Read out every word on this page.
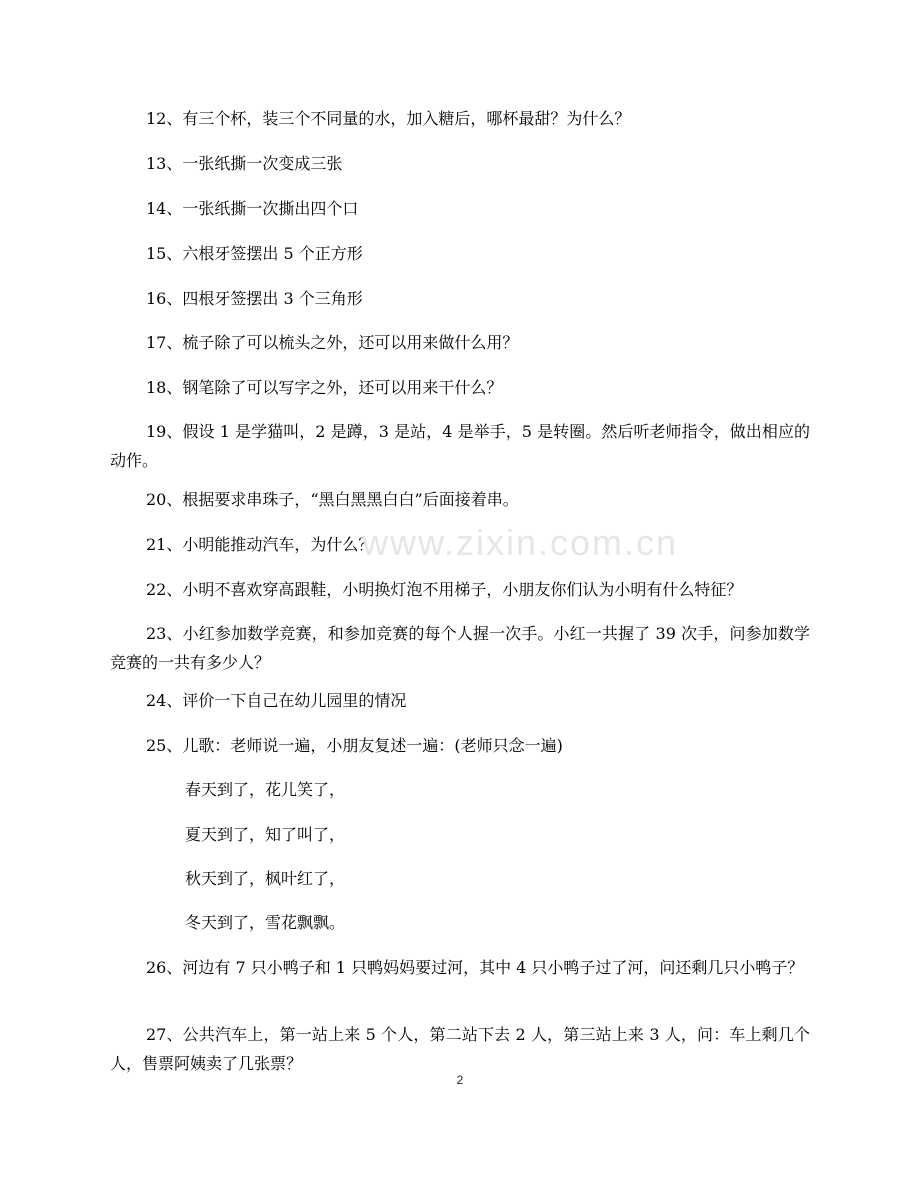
12、有三个杯，装三个不同量的水，加入糖后，哪杯最甜？为什么？

13、一张纸撕一次变成三张

14、一张纸撕一次撕出四个口

15、六根牙签摆出 5 个正方形

16、四根牙签摆出 3 个三角形

17、梳子除了可以梳头之外，还可以用来做什么用？

18、钢笔除了可以写字之外，还可以用来干什么？

19、假设 1 是学猫叫，2 是蹲，3 是站，4 是举手，5 是转圈。然后听老师指令，做出相应的动作。

20、根据要求串珠子，“黑白黑黑白白”后面接着串。

21、小明能推动汽车，为什么？

22、小明不喜欢穿高跟鞋，小明换灯泡不用梯子，小朋友你们认为小明有什么特征？

23、小红参加数学竞赛，和参加竞赛的每个人握一次手。小红一共握了 39 次手，问参加数学竞赛的一共有多少人？

24、评价一下自己在幼儿园里的情况

25、儿歌：老师说一遍，小朋友复述一遍：(老师只念一遍)

春天到了，花儿笑了，

夏天到了，知了叫了，

秋天到了，枫叶红了，

冬天到了，雪花飘飘。

26、河边有 7 只小鸭子和 1 只鸭妈妈要过河，其中 4 只小鸭子过了河，问还剩几只小鸭子？

27、公共汽车上，第一站上来 5 个人，第二站下去 2 人，第三站上来 3 人，问：车上剩几个人，售票阿姨卖了几张票？

www.zixin.com.cn
2
